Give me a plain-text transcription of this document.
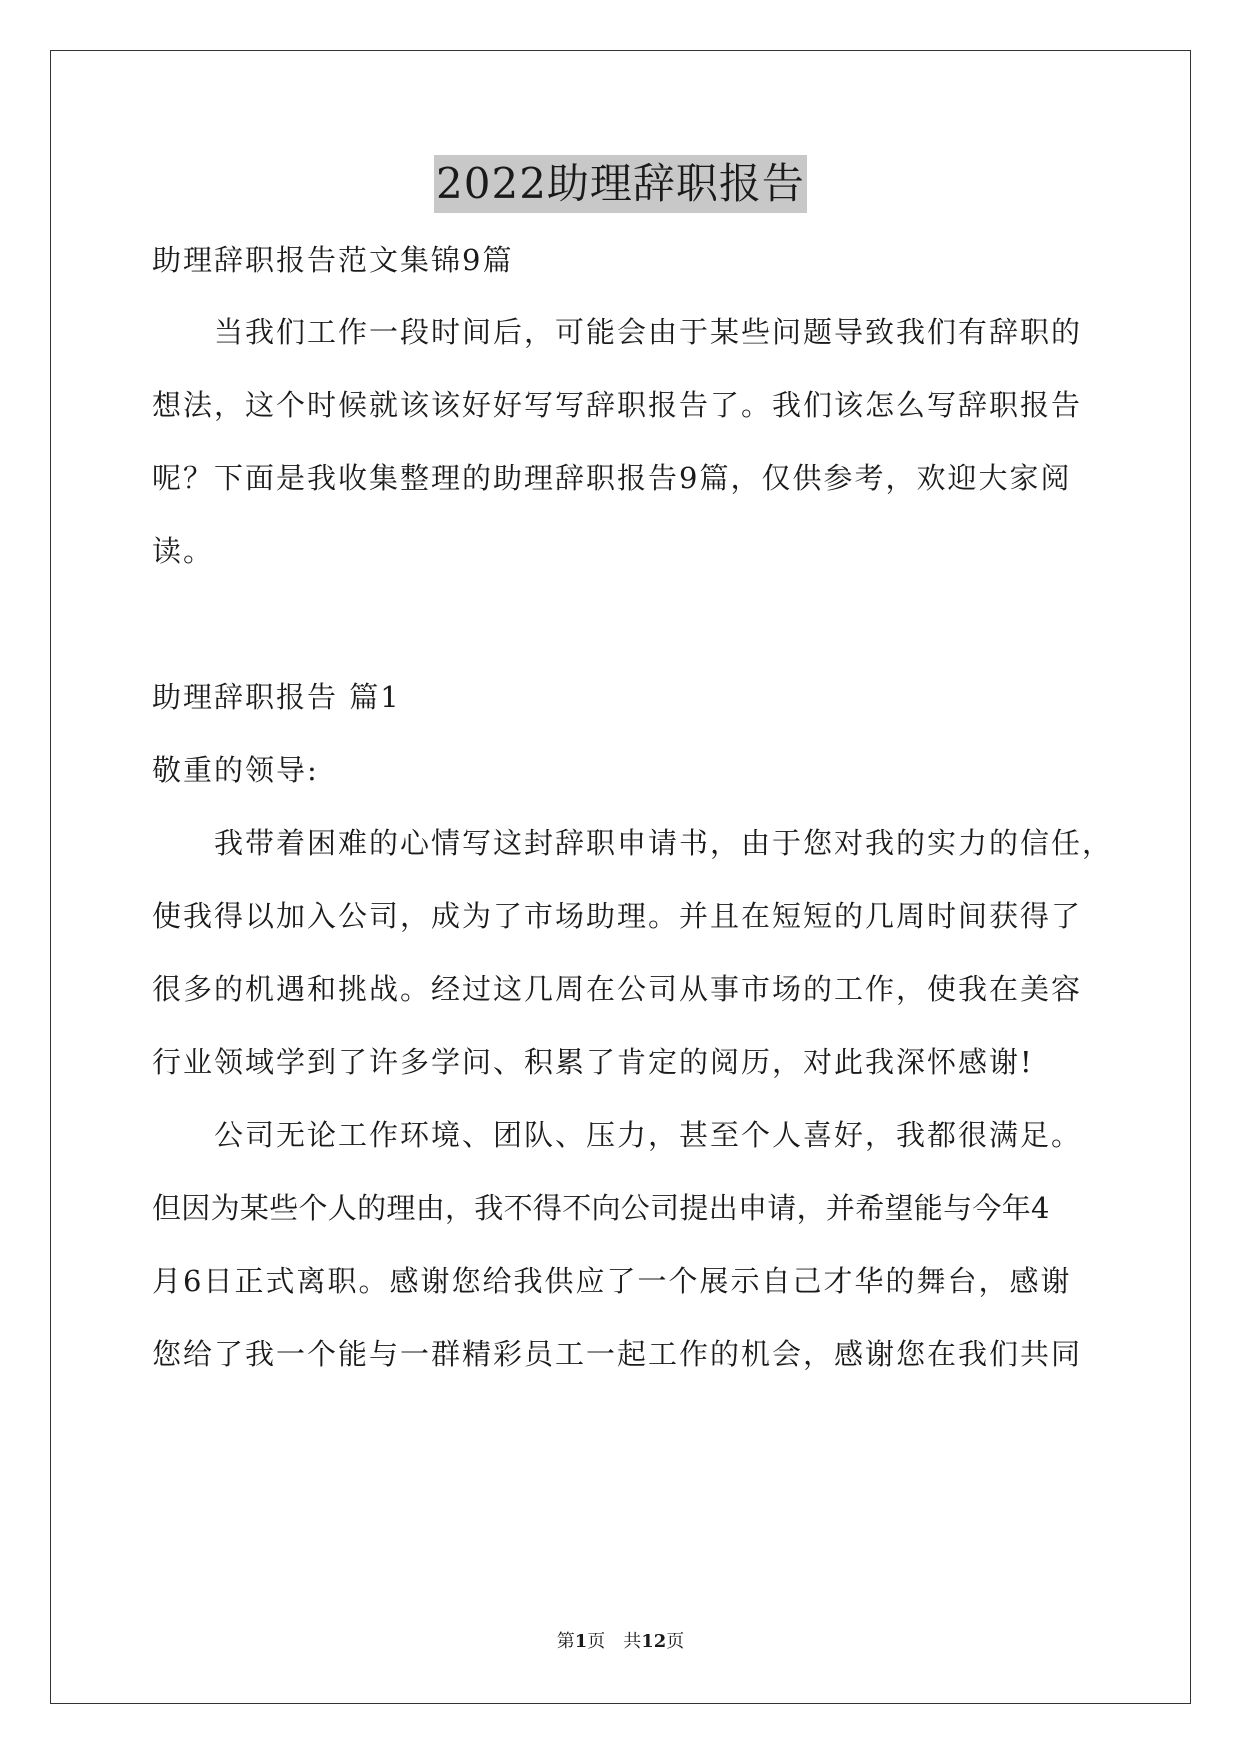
2022助理辞职报告

助理辞职报告范文集锦9篇

当我们工作一段时间后，可能会由于某些问题导致我们有辞职的

想法，这个时候就该该好好写写辞职报告了。我们该怎么写辞职报告

呢？下面是我收集整理的助理辞职报告9篇，仅供参考，欢迎大家阅

读。

助理辞职报告 篇1

敬重的领导:

我带着困难的心情写这封辞职申请书，由于您对我的实力的信任，

使我得以加入公司，成为了市场助理。并且在短短的几周时间获得了

很多的机遇和挑战。经过这几周在公司从事市场的工作，使我在美容

行业领域学到了许多学问、积累了肯定的阅历，对此我深怀感谢!

公司无论工作环境、团队、压力，甚至个人喜好，我都很满足。

但因为某些个人的理由，我不得不向公司提出申请，并希望能与今年4

月6日正式离职。感谢您给我供应了一个展示自己才华的舞台，感谢

您给了我一个能与一群精彩员工一起工作的机会，感谢您在我们共同

第1页　共12页
